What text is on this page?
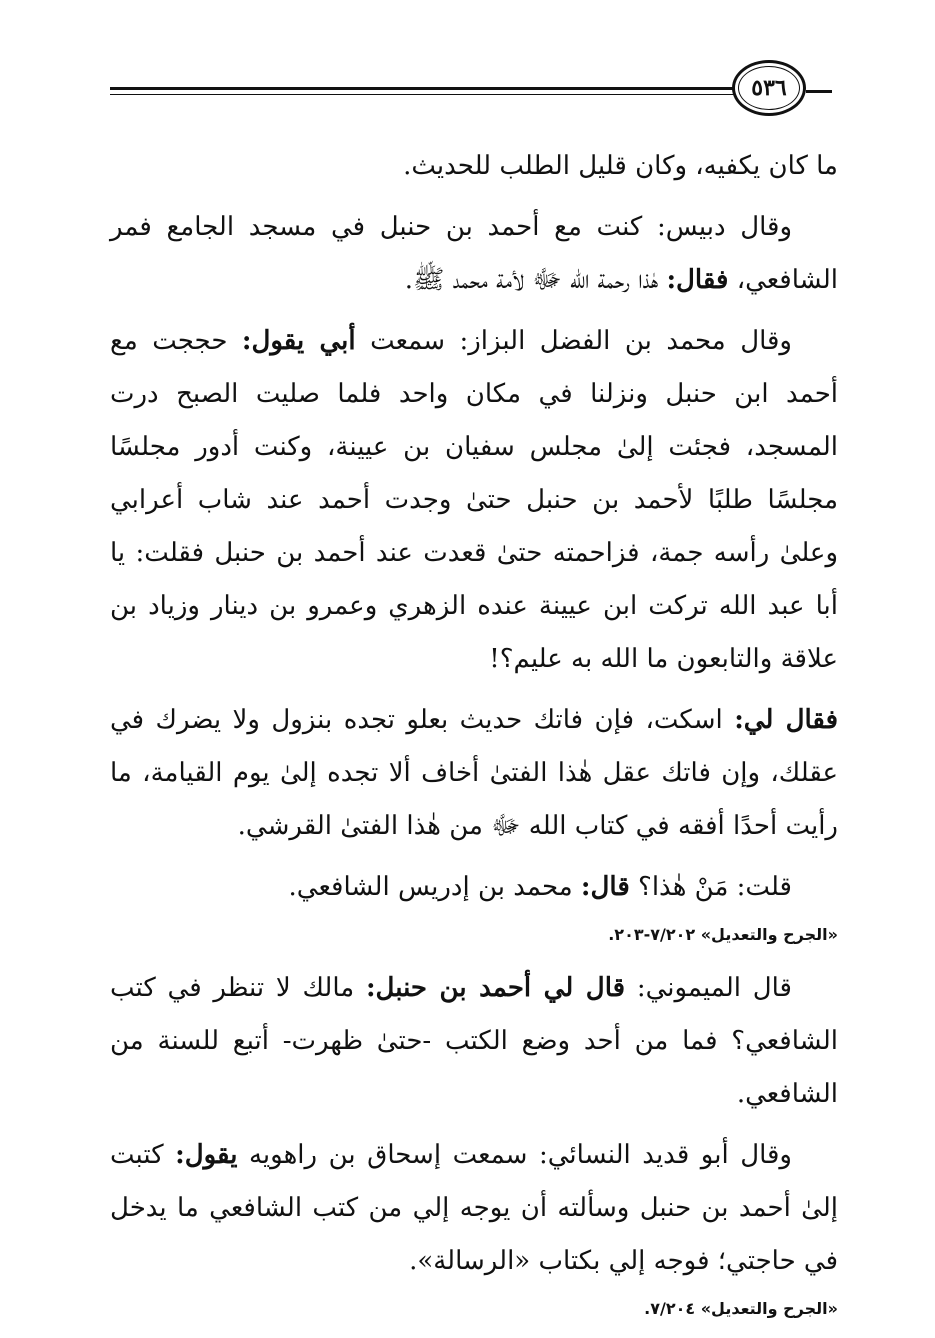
٥٣٦

ما كان يكفيه، وكان قليل الطلب للحديث.

وقال دبيس: كنت مع أحمد بن حنبل في مسجد الجامع فمر الشافعي، فقال: هٰذا رحمة الله ﷻ لأمة محمد ﷺ.

وقال محمد بن الفضل البزاز: سمعت أبي يقول: حججت مع أحمد ابن حنبل ونزلنا في مكان واحد فلما صليت الصبح درت المسجد، فجئت إلىٰ مجلس سفيان بن عيينة، وكنت أدور مجلسًا مجلسًا طلبًا لأحمد بن حنبل حتىٰ وجدت أحمد عند شاب أعرابي وعلىٰ رأسه جمة، فزاحمته حتىٰ قعدت عند أحمد بن حنبل فقلت: يا أبا عبد الله تركت ابن عيينة عنده الزهري وعمرو بن دينار وزياد بن علاقة والتابعون ما الله به عليم؟!

فقال لي: اسكت، فإن فاتك حديث بعلو تجده بنزول ولا يضرك في عقلك، وإن فاتك عقل هٰذا الفتىٰ أخاف ألا تجده إلىٰ يوم القيامة، ما رأيت أحدًا أفقه في كتاب الله ﷻ من هٰذا الفتىٰ القرشي.

قلت: مَنْ هٰذا؟ قال: محمد بن إدريس الشافعي.

«الجرح والتعديل» ٧/٢٠٢-٢٠٣.

قال الميموني: قال لي أحمد بن حنبل: مالك لا تنظر في كتب الشافعي؟ فما من أحد وضع الكتب -حتىٰ ظهرت- أتبع للسنة من الشافعي.

وقال أبو قديد النسائي: سمعت إسحاق بن راهويه يقول: كتبت إلىٰ أحمد بن حنبل وسألته أن يوجه إلي من كتب الشافعي ما يدخل في حاجتي؛ فوجه إلي بكتاب «الرسالة».

«الجرح والتعديل» ٧/٢٠٤.
